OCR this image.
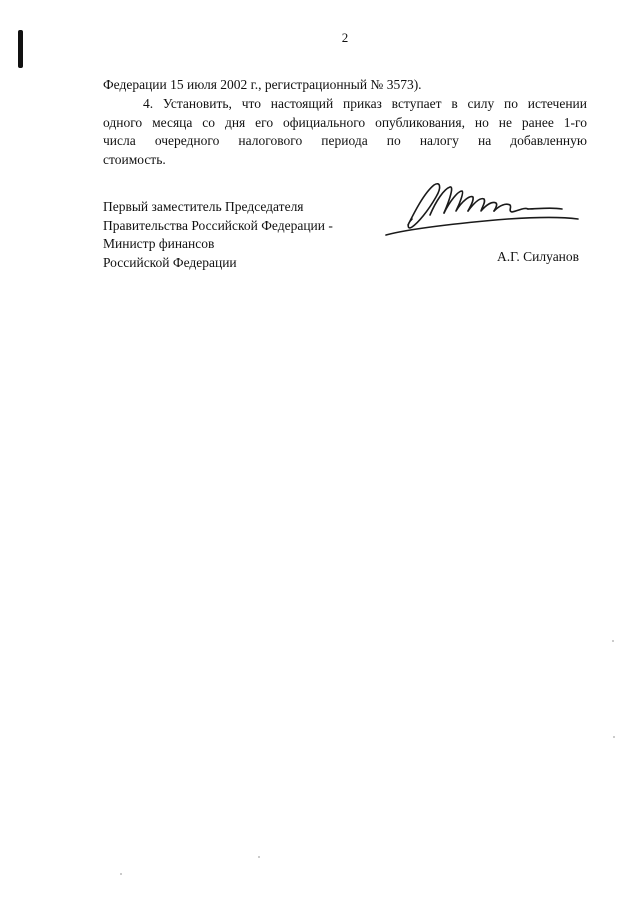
2
Федерации 15 июля 2002 г., регистрационный № 3573).
4. Установить, что настоящий приказ вступает в силу по истечении
одного месяца со дня его официального опубликования, но не ранее 1-го
числа очередного налогового периода по налогу на добавленную
стоимость.
Первый заместитель Председателя
Правительства Российской Федерации -
Министр финансов
Российской Федерации	А.Г. Силуанов
